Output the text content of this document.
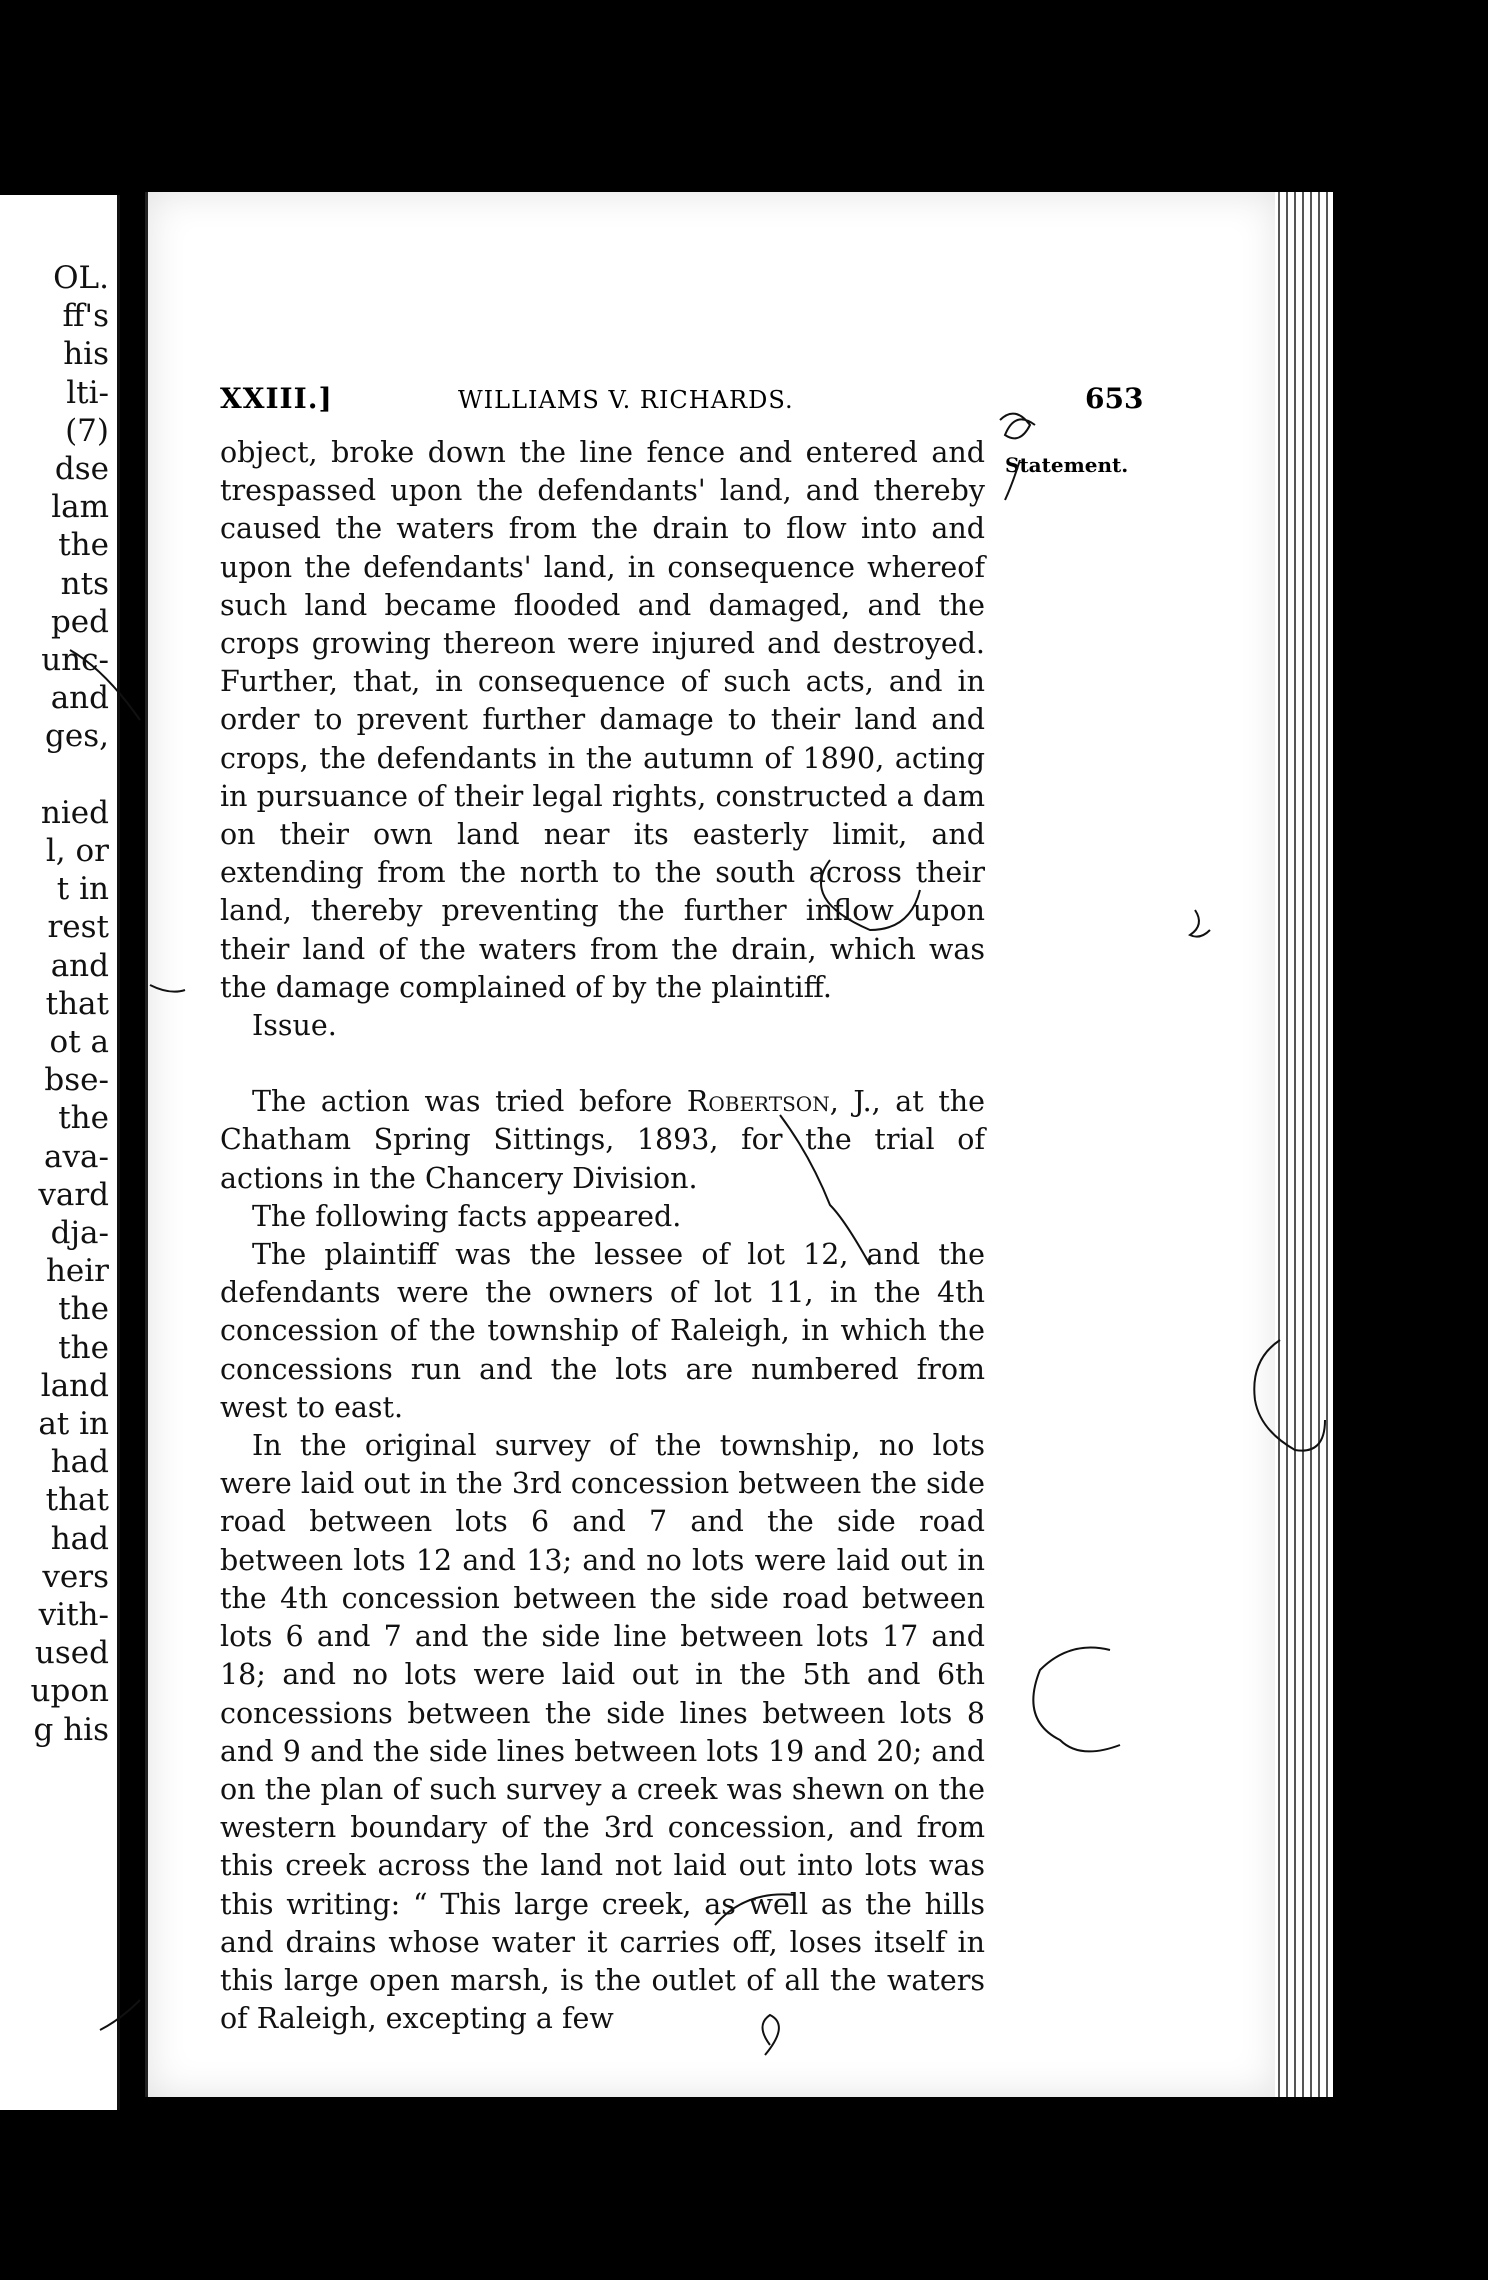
OL.
ff's
his
lti-
(7)
dse
lam
the
nts
ped
unc-
and
ges,
nied
l, or
t in
rest
and
that
ot a
bse-
the
ava-
vard
djа-
heir
the
the
land
at in
had
that
had
vers
vith-
used
upon
g his
XXIII.]	WILLIAMS V. RICHARDS.	653
Statement.

object, broke down the line fence and entered and trespassed upon the defendants' land, and thereby caused the waters from the drain to flow into and upon the defendants' land, in consequence whereof such land became flooded and damaged, and the crops growing thereon were injured and destroyed. Further, that, in consequence of such acts, and in order to prevent further damage to their land and crops, the defendants in the autumn of 1890, acting in pursuance of their legal rights, constructed a dam on their own land near its easterly limit, and extending from the north to the south across their land, thereby preventing the further inflow upon their land of the waters from the drain, which was the damage complained of by the plaintiff.

Issue.

The action was tried before Robertson, J., at the Chatham Spring Sittings, 1893, for the trial of actions in the Chancery Division.

The following facts appeared.

The plaintiff was the lessee of lot 12, and the defendants were the owners of lot 11, in the 4th concession of the township of Raleigh, in which the concessions run and the lots are numbered from west to east.

In the original survey of the township, no lots were laid out in the 3rd concession between the side road between lots 6 and 7 and the side road between lots 12 and 13; and no lots were laid out in the 4th concession between the side road between lots 6 and 7 and the side line between lots 17 and 18; and no lots were laid out in the 5th and 6th concessions between the side lines between lots 8 and 9 and the side lines between lots 19 and 20; and on the plan of such survey a creek was shewn on the western boundary of the 3rd concession, and from this creek across the land not laid out into lots was this writing: “ This large creek, as well as the hills and drains whose water it carries off, loses itself in this large open marsh, is the outlet of all the waters of Raleigh, excepting a few
